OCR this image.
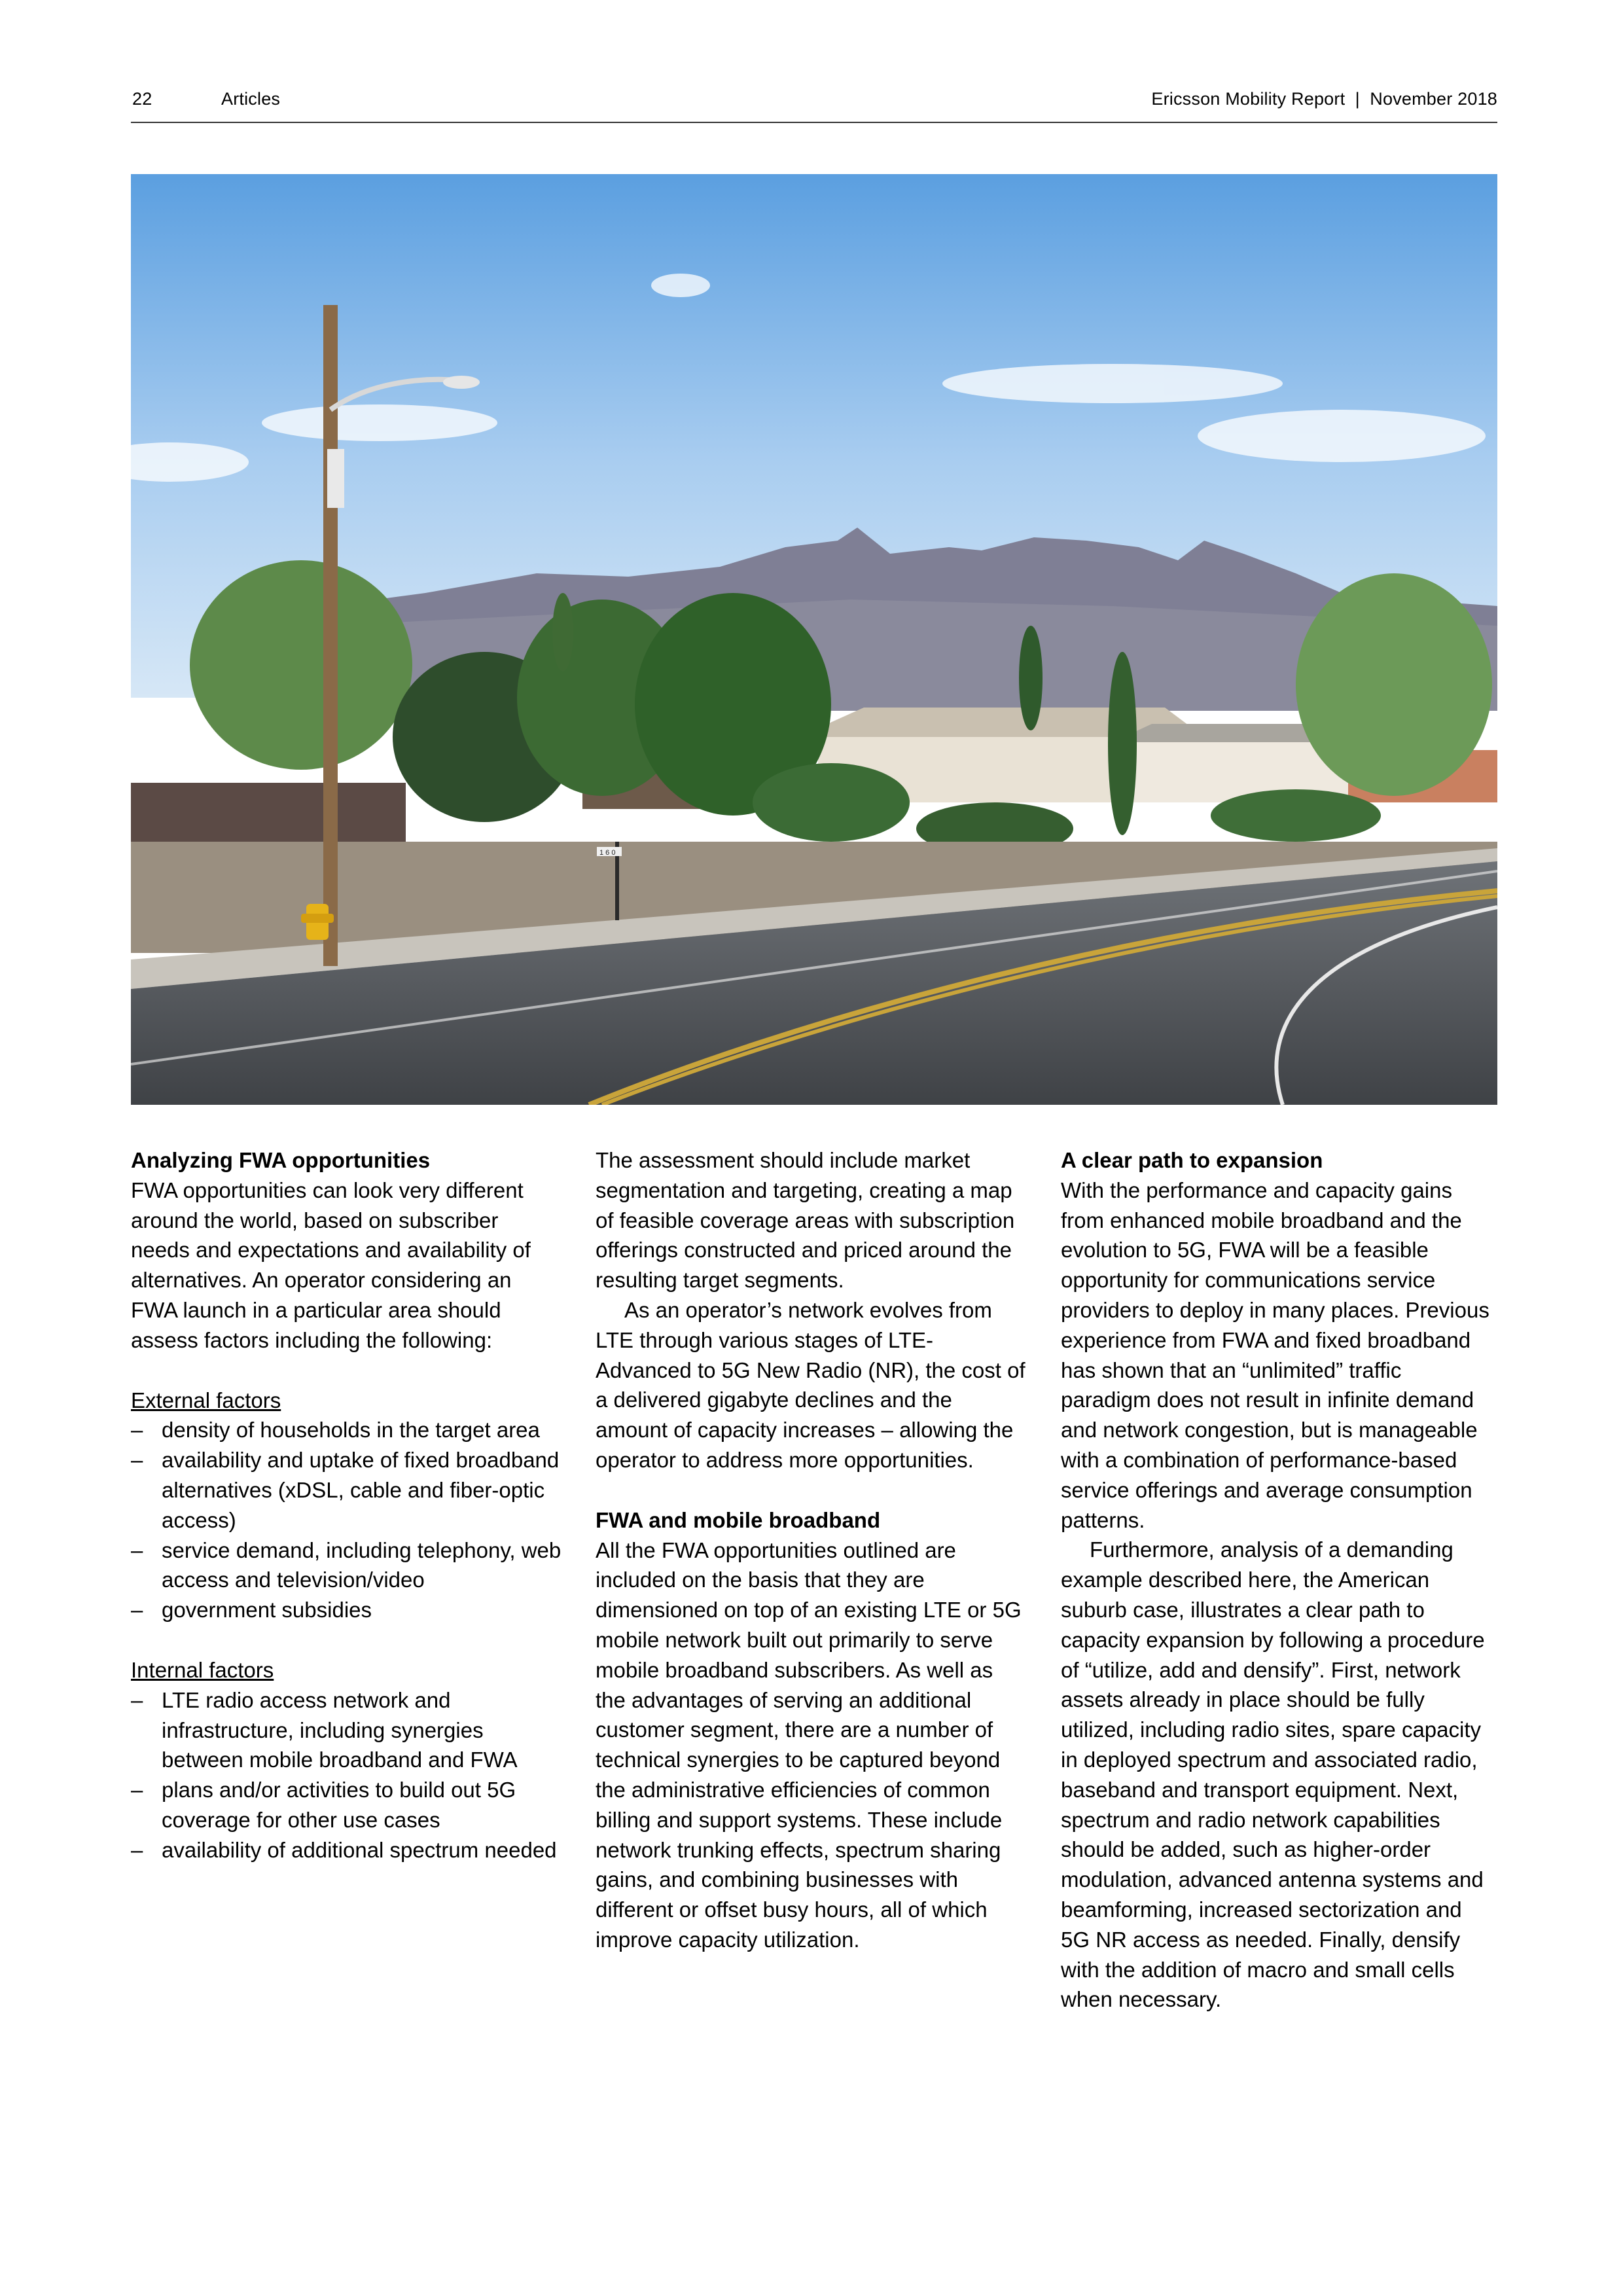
22	Articles	Ericsson Mobility Report  |  November 2018
1 6 0
Analyzing FWA opportunities

FWA opportunities can look very different around the world, based on subscriber needs and expectations and availability of alternatives. An operator considering an FWA launch in a particular area should assess factors including the following:

External factors

– density of households in the target area
– availability and uptake of fixed broadband alternatives (xDSL, cable and fiber-optic access)
– service demand, including telephony, web access and television/video
– government subsidies

Internal factors

– LTE radio access network and infrastructure, including synergies between mobile broadband and FWA
– plans and/or activities to build out 5G coverage for other use cases
– availability of additional spectrum needed

The assessment should include market segmentation and targeting, creating a map of feasible coverage areas with subscription offerings constructed and priced around the resulting target segments.

As an operator’s network evolves from LTE through various stages of LTE-Advanced to 5G New Radio (NR), the cost of a delivered gigabyte declines and the amount of capacity increases – allowing the operator to address more opportunities.

FWA and mobile broadband

All the FWA opportunities outlined are included on the basis that they are dimensioned on top of an existing LTE or 5G mobile network built out primarily to serve mobile broadband subscribers. As well as the advantages of serving an additional customer segment, there are a number of technical synergies to be captured beyond the administrative efficiencies of common billing and support systems. These include network trunking effects, spectrum sharing gains, and combining businesses with different or offset busy hours, all of which improve capacity utilization.

A clear path to expansion

With the performance and capacity gains from enhanced mobile broadband and the evolution to 5G, FWA will be a feasible opportunity for communications service providers to deploy in many places. Previous experience from FWA and fixed broadband has shown that an “unlimited” traffic paradigm does not result in infinite demand and network congestion, but is manageable with a combination of performance-based service offerings and average consumption patterns.

Furthermore, analysis of a demanding example described here, the American suburb case, illustrates a clear path to capacity expansion by following a procedure of “utilize, add and densify”. First, network assets already in place should be fully utilized, including radio sites, spare capacity in deployed spectrum and associated radio, baseband and transport equipment. Next, spectrum and radio network capabilities should be added, such as higher-order modulation, advanced antenna systems and beamforming, increased sectorization and 5G NR access as needed. Finally, densify with the addition of macro and small cells when necessary.
